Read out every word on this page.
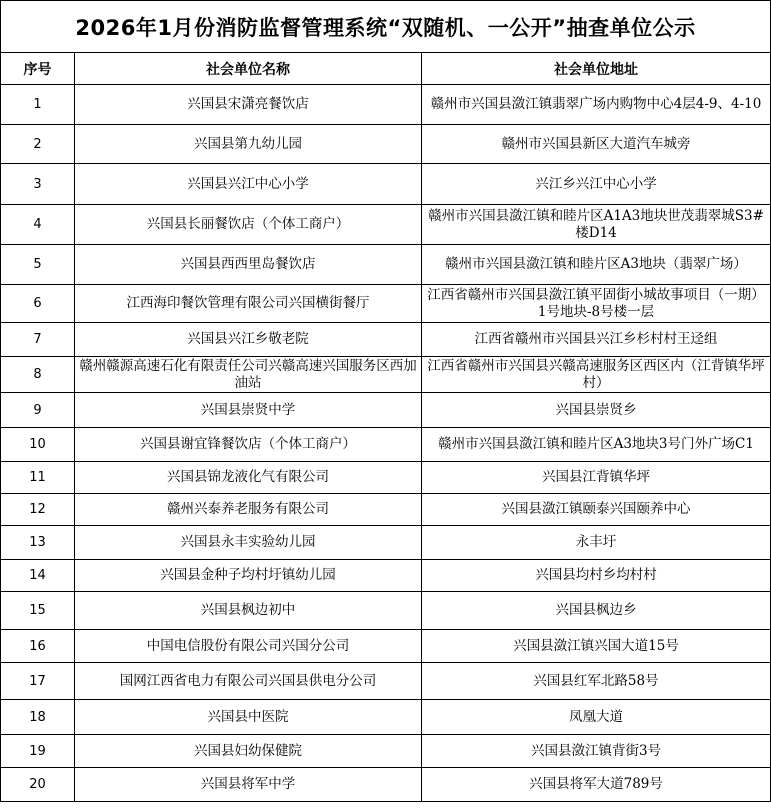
2026年1月份消防监督管理系统“双随机、一公开”抽查单位公示		
序号	社会单位名称	社会单位地址
1	兴国县宋潇亮餐饮店	赣州市兴国县潋江镇翡翠广场内购物中心4层4-9、4-10
2	兴国县第九幼儿园	赣州市兴国县新区大道汽车城旁
3	兴国县兴江中心小学	兴江乡兴江中心小学
4	兴国县长丽餐饮店（个体工商户）	赣州市兴国县潋江镇和睦片区A1A3地块世茂翡翠城S3#楼D14
5	兴国县西西里岛餐饮店	赣州市兴国县潋江镇和睦片区A3地块（翡翠广场）
6	江西海印餐饮管理有限公司兴国横街餐厅	江西省赣州市兴国县潋江镇平固街小城故事项目（一期）1号地块-8号楼一层
7	兴国县兴江乡敬老院	江西省赣州市兴国县兴江乡杉村村王迳组
8	赣州赣源高速石化有限责任公司兴赣高速兴国服务区西加油站	江西省赣州市兴国县兴赣高速服务区西区内（江背镇华坪村）
9	兴国县崇贤中学	兴国县崇贤乡
10	兴国县谢宜锋餐饮店（个体工商户）	赣州市兴国县潋江镇和睦片区A3地块3号门外广场C1
11	兴国县锦龙液化气有限公司	兴国县江背镇华坪
12	赣州兴泰养老服务有限公司	兴国县潋江镇颐泰兴国颐养中心
13	兴国县永丰实验幼儿园	永丰圩
14	兴国县金种子均村圩镇幼儿园	兴国县均村乡均村村
15	兴国县枫边初中	兴国县枫边乡
16	中国电信股份有限公司兴国分公司	兴国县潋江镇兴国大道15号
17	国网江西省电力有限公司兴国县供电分公司	兴国县红军北路58号
18	兴国县中医院	凤凰大道
19	兴国县妇幼保健院	兴国县潋江镇背街3号
20	兴国县将军中学	兴国县将军大道789号
